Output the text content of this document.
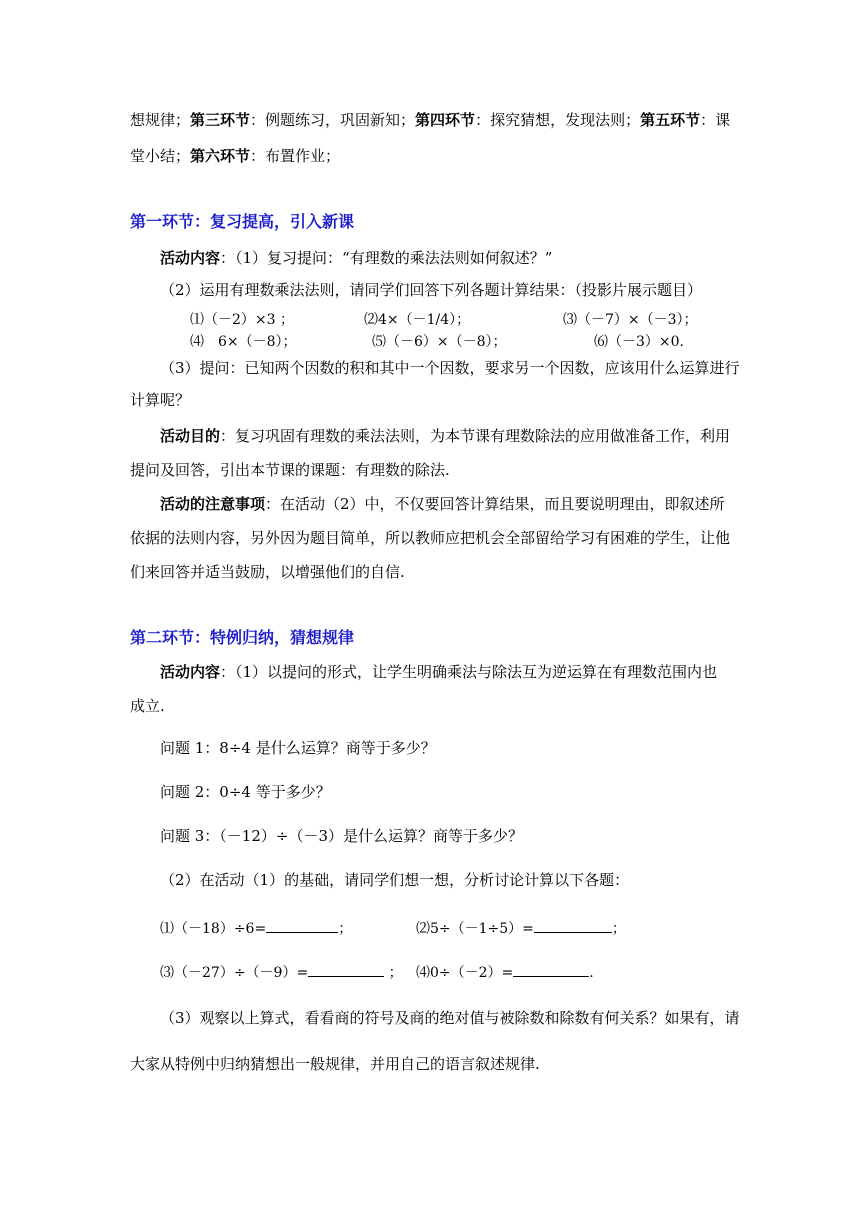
想规律；第三环节：例题练习，巩固新知；第四环节：探究猜想，发现法则；第五环节：课
堂小结；第六环节：布置作业；
第一环节：复习提高，引入新课
活动内容：（1）复习提问：“有理数的乘法法则如何叙述？”
（2）运用有理数乘法法则，请同学们回答下列各题计算结果：（投影片展示题目）
⑴（－2）×3 ；	⑵4×（－1/4）；	⑶（－7）×（－3）；
⑷　6×（－8）；	⑸（－6）×（－8）；	⑹（－3）×0.
（3）提问：已知两个因数的积和其中一个因数，要求另一个因数，应该用什么运算进行
计算呢？
活动目的：复习巩固有理数的乘法法则，为本节课有理数除法的应用做准备工作，利用
提问及回答，引出本节课的课题：有理数的除法.
活动的注意事项：在活动（2）中，不仅要回答计算结果，而且要说明理由，即叙述所
依据的法则内容，另外因为题目简单，所以教师应把机会全部留给学习有困难的学生，让他
们来回答并适当鼓励，以增强他们的自信.
第二环节：特例归纳，猜想规律
活动内容：（1）以提问的形式，让学生明确乘法与除法互为逆运算在有理数范围内也
成立.
问题 1：8÷4 是什么运算？商等于多少？
问题 2：0÷4 等于多少？
问题 3：（－12）÷（－3）是什么运算？商等于多少？
（2）在活动（1）的基础，请同学们想一想，分析讨论计算以下各题：
⑴（－18）÷6=	；	⑵5÷（－1÷5）=	；
⑶（－27）÷（－9）=	； ⑷0÷（－2）=	.
（3）观察以上算式，看看商的符号及商的绝对值与被除数和除数有何关系？如果有，请
大家从特例中归纳猜想出一般规律，并用自己的语言叙述规律.
